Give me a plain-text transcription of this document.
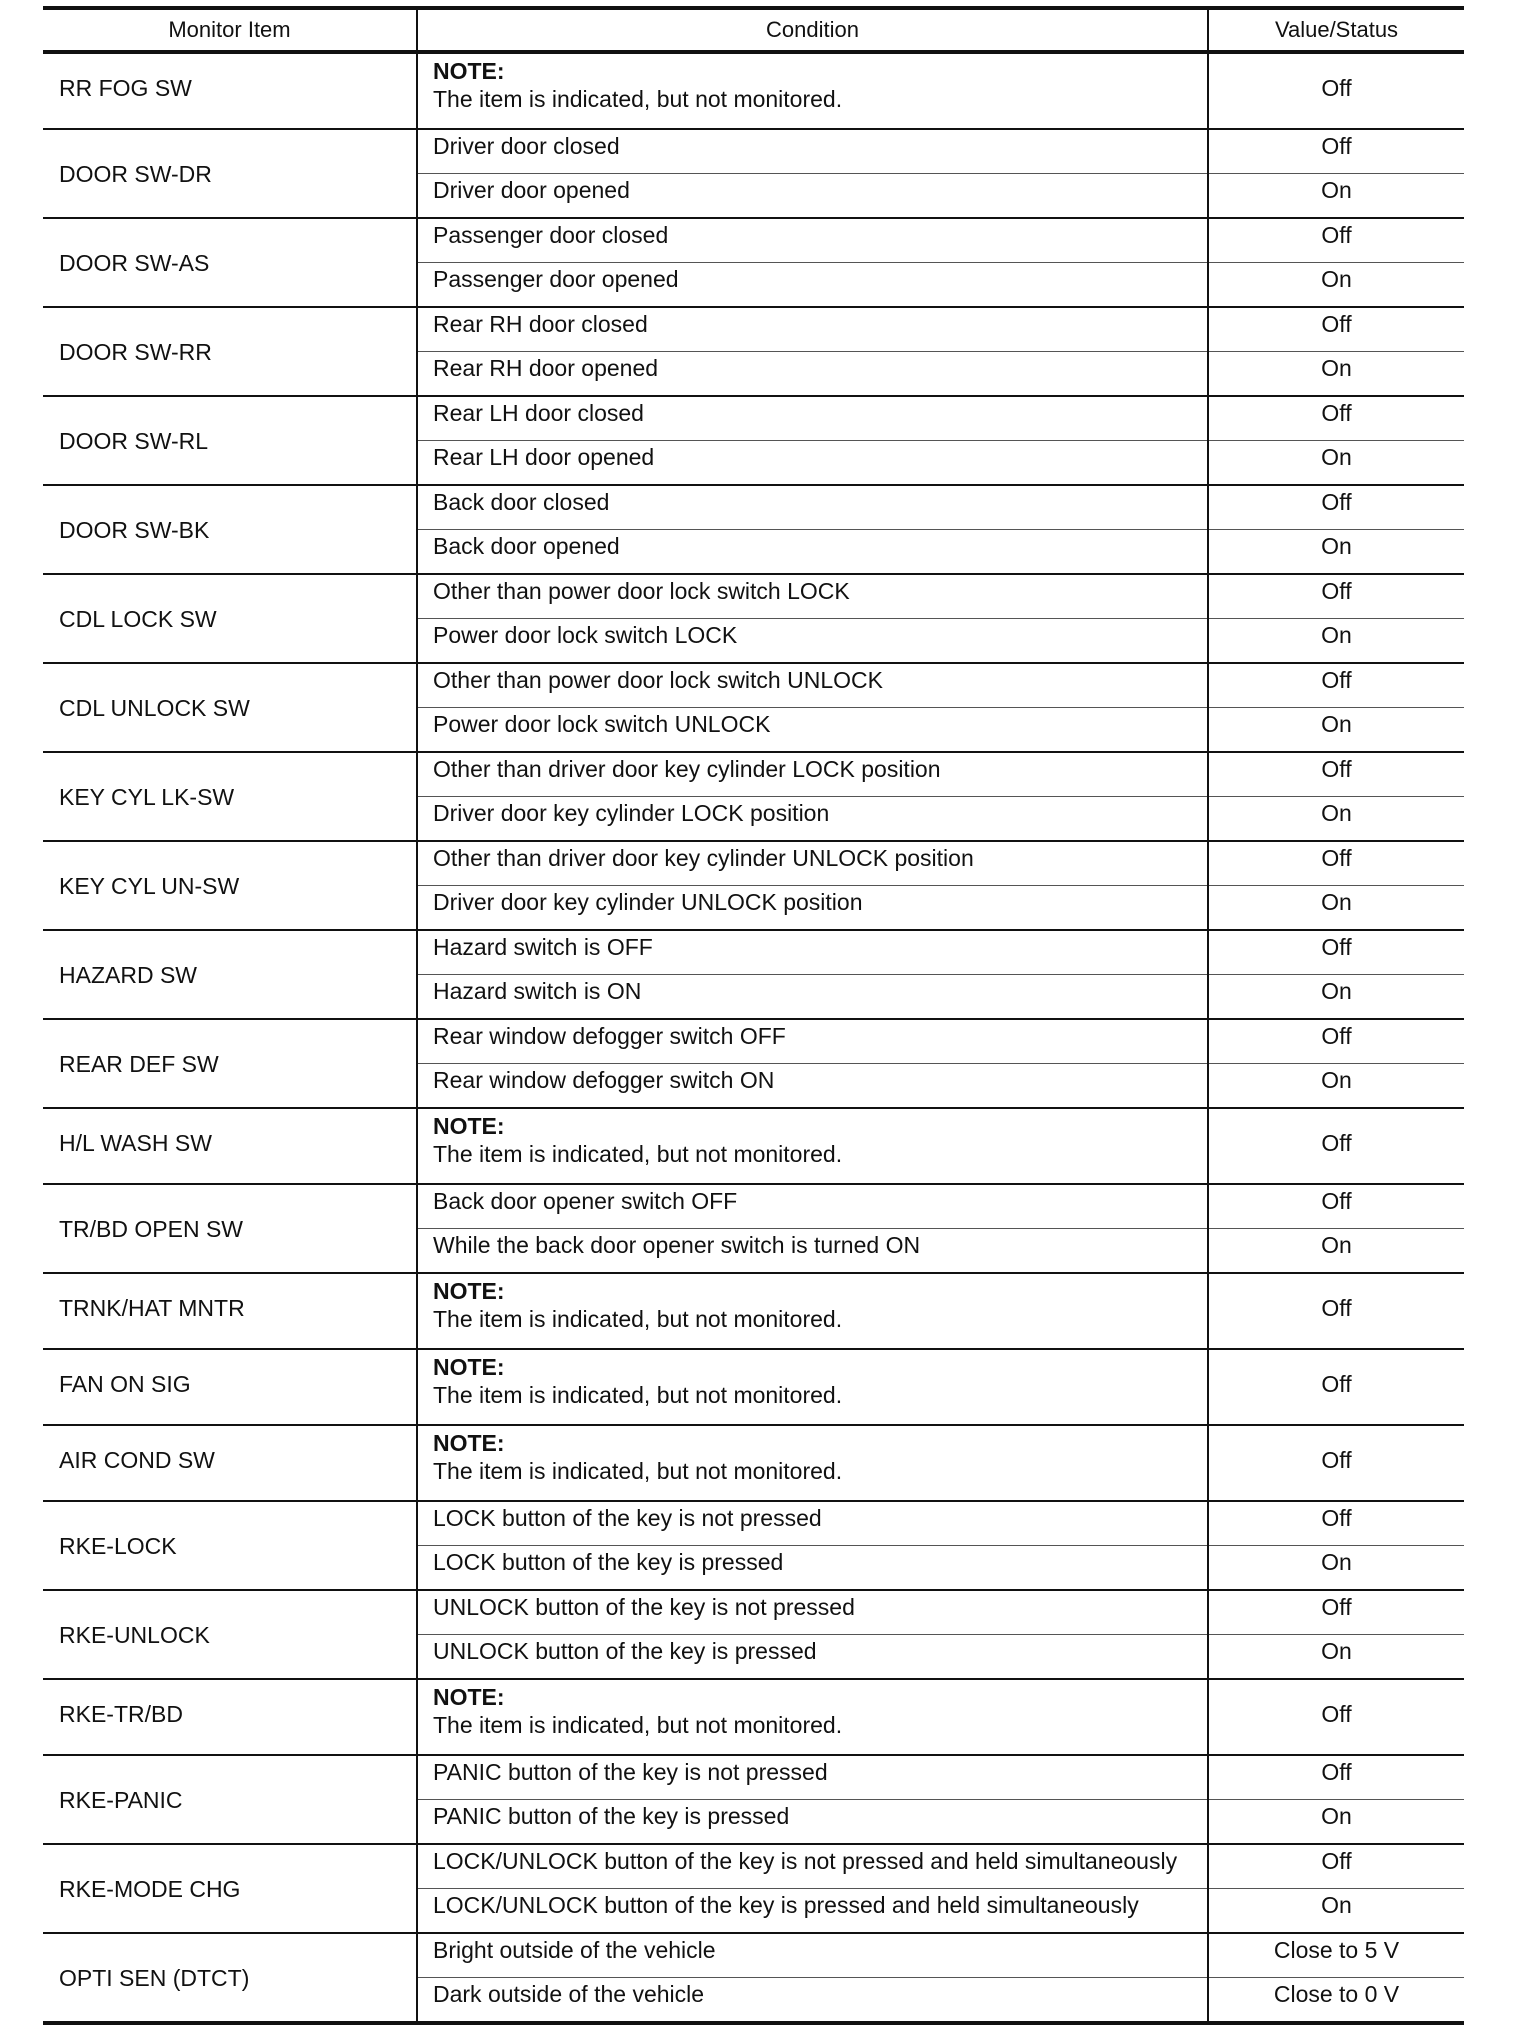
Monitor Item	Condition	Value/Status
RR FOG SW	NOTE:
The item is indicated, but not monitored.	Off
DOOR SW-DR	Driver door closed	Off

	Driver door opened	On

DOOR SW-AS	Passenger door closed	Off

	Passenger door opened	On

DOOR SW-RR	Rear RH door closed	Off

	Rear RH door opened	On

DOOR SW-RL	Rear LH door closed	Off

	Rear LH door opened	On

DOOR SW-BK	Back door closed	Off

	Back door opened	On

CDL LOCK SW	Other than power door lock switch LOCK	Off

	Power door lock switch LOCK	On

CDL UNLOCK SW	Other than power door lock switch UNLOCK	Off

	Power door lock switch UNLOCK	On

KEY CYL LK-SW	Other than driver door key cylinder LOCK position	Off

	Driver door key cylinder LOCK position	On

KEY CYL UN-SW	Other than driver door key cylinder UNLOCK position	Off

	Driver door key cylinder UNLOCK position	On

HAZARD SW	Hazard switch is OFF	Off

	Hazard switch is ON	On

REAR DEF SW	Rear window defogger switch OFF	Off

	Rear window defogger switch ON	On

H/L WASH SW	NOTE:
The item is indicated, but not monitored.	Off
TR/BD OPEN SW	Back door opener switch OFF	Off

	While the back door opener switch is turned ON	On

TRNK/HAT MNTR	NOTE:
The item is indicated, but not monitored.	Off
FAN ON SIG	NOTE:
The item is indicated, but not monitored.	Off
AIR COND SW	NOTE:
The item is indicated, but not monitored.	Off
RKE-LOCK	LOCK button of the key is not pressed	Off

	LOCK button of the key is pressed	On

RKE-UNLOCK	UNLOCK button of the key is not pressed	Off

	UNLOCK button of the key is pressed	On

RKE-TR/BD	NOTE:
The item is indicated, but not monitored.	Off
RKE-PANIC	PANIC button of the key is not pressed	Off

	PANIC button of the key is pressed	On

RKE-MODE CHG	LOCK/UNLOCK button of the key is not pressed and held simultaneously	Off

	LOCK/UNLOCK button of the key is pressed and held simultaneously	On

OPTI SEN (DTCT)	Bright outside of the vehicle	Close to 5 V

	Dark outside of the vehicle	Close to 0 V
